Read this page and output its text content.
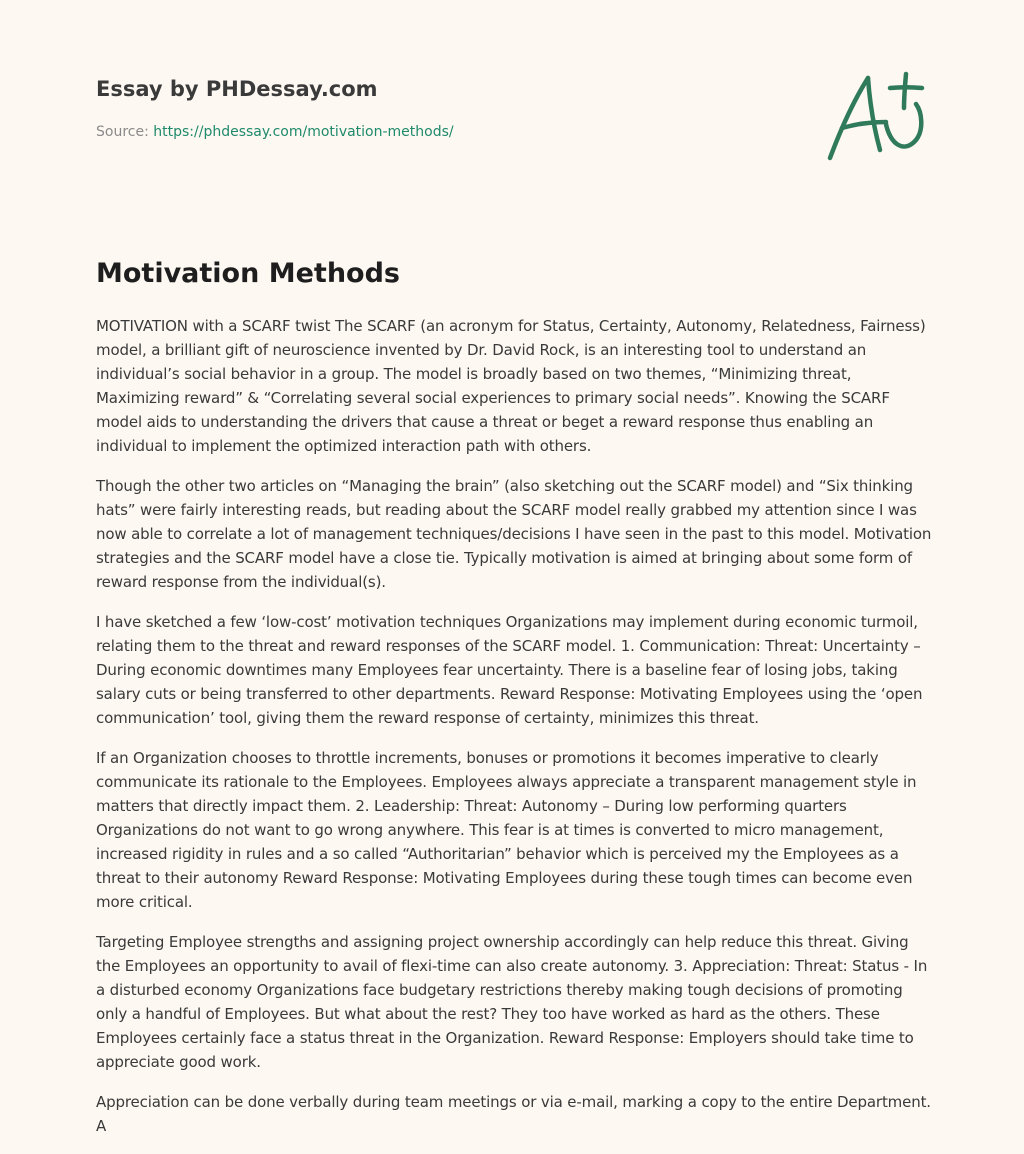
Essay by PHDessay.com
Source: https://phdessay.com/motivation-methods/
Motivation Methods

MOTIVATION with a SCARF twist The SCARF (an acronym for Status, Certainty, Autonomy, Relatedness, Fairness) model, a brilliant gift of neuroscience invented by Dr. David Rock, is an interesting tool to understand an individual’s social behavior in a group. The model is broadly based on two themes, “Minimizing threat, Maximizing reward” & “Correlating several social experiences to primary social needs”. Knowing the SCARF model aids to understanding the drivers that cause a threat or beget a reward response thus enabling an individual to implement the optimized interaction path with others.

Though the other two articles on “Managing the brain” (also sketching out the SCARF model) and “Six thinking hats” were fairly interesting reads, but reading about the SCARF model really grabbed my attention since I was now able to correlate a lot of management techniques/decisions I have seen in the past to this model. Motivation strategies and the SCARF model have a close tie. Typically motivation is aimed at bringing about some form of reward response from the individual(s).

I have sketched a few ‘low-cost’ motivation techniques Organizations may implement during economic turmoil, relating them to the threat and reward responses of the SCARF model. 1. Communication: Threat: Uncertainty – During economic downtimes many Employees fear uncertainty. There is a baseline fear of losing jobs, taking salary cuts or being transferred to other departments. Reward Response: Motivating Employees using the ‘open communication’ tool, giving them the reward response of certainty, minimizes this threat.

If an Organization chooses to throttle increments, bonuses or promotions it becomes imperative to clearly communicate its rationale to the Employees. Employees always appreciate a transparent management style in matters that directly impact them. 2. Leadership: Threat: Autonomy – During low performing quarters Organizations do not want to go wrong anywhere. This fear is at times is converted to micro management, increased rigidity in rules and a so called “Authoritarian” behavior which is perceived my the Employees as a threat to their autonomy Reward Response: Motivating Employees during these tough times can become even more critical.

Targeting Employee strengths and assigning project ownership accordingly can help reduce this threat. Giving the Employees an opportunity to avail of flexi-time can also create autonomy. 3. Appreciation: Threat: Status - In a disturbed economy Organizations face budgetary restrictions thereby making tough decisions of promoting only a handful of Employees. But what about the rest? They too have worked as hard as the others. These Employees certainly face a status threat in the Organization. Reward Response: Employers should take time to appreciate good work.

Appreciation can be done verbally during team meetings or via e-mail, marking a copy to the entire Department. A
